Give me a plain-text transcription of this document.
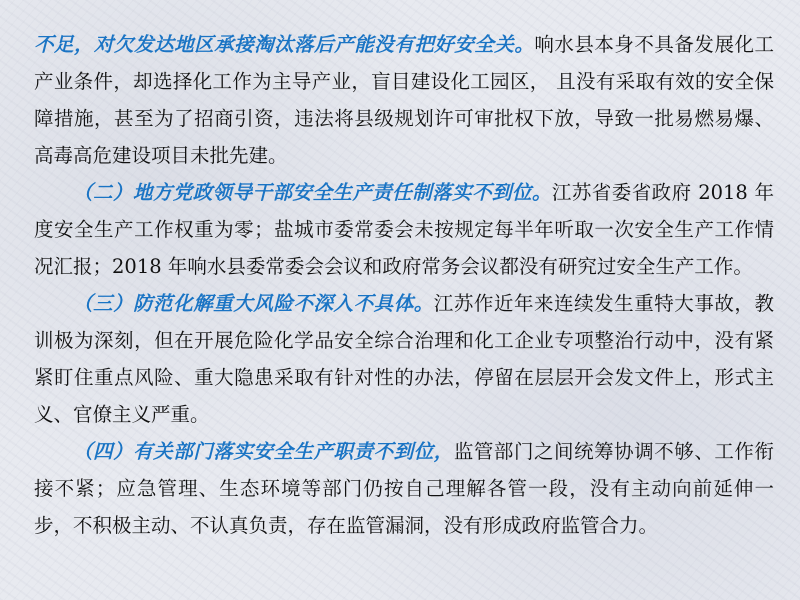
不足，对欠发达地区承接淘汰落后产能没有把好安全关。响水县本身不具备发展化工产业条件，却选择化工作为主导产业，盲目建设化工园区， 且没有采取有效的安全保障措施，甚至为了招商引资，违法将县级规划许可审批权下放，导致一批易燃易爆、高毒高危建设项目未批先建。

（二）地方党政领导干部安全生产责任制落实不到位。江苏省委省政府 2018 年度安全生产工作权重为零；盐城市委常委会未按规定每半年听取一次安全生产工作情况汇报；2018 年响水县委常委会会议和政府常务会议都没有研究过安全生产工作。

（三）防范化解重大风险不深入不具体。江苏作近年来连续发生重特大事故，教训极为深刻，但在开展危险化学品安全综合治理和化工企业专项整治行动中，没有紧紧盯住重点风险、重大隐患采取有针对性的办法，停留在层层开会发文件上，形式主义、官僚主义严重。

（四）有关部门落实安全生产职责不到位，监管部门之间统筹协调不够、工作衔接不紧；应急管理、生态环境等部门仍按自己理解各管一段，没有主动向前延伸一步，不积极主动、不认真负责，存在监管漏洞，没有形成政府监管合力。
